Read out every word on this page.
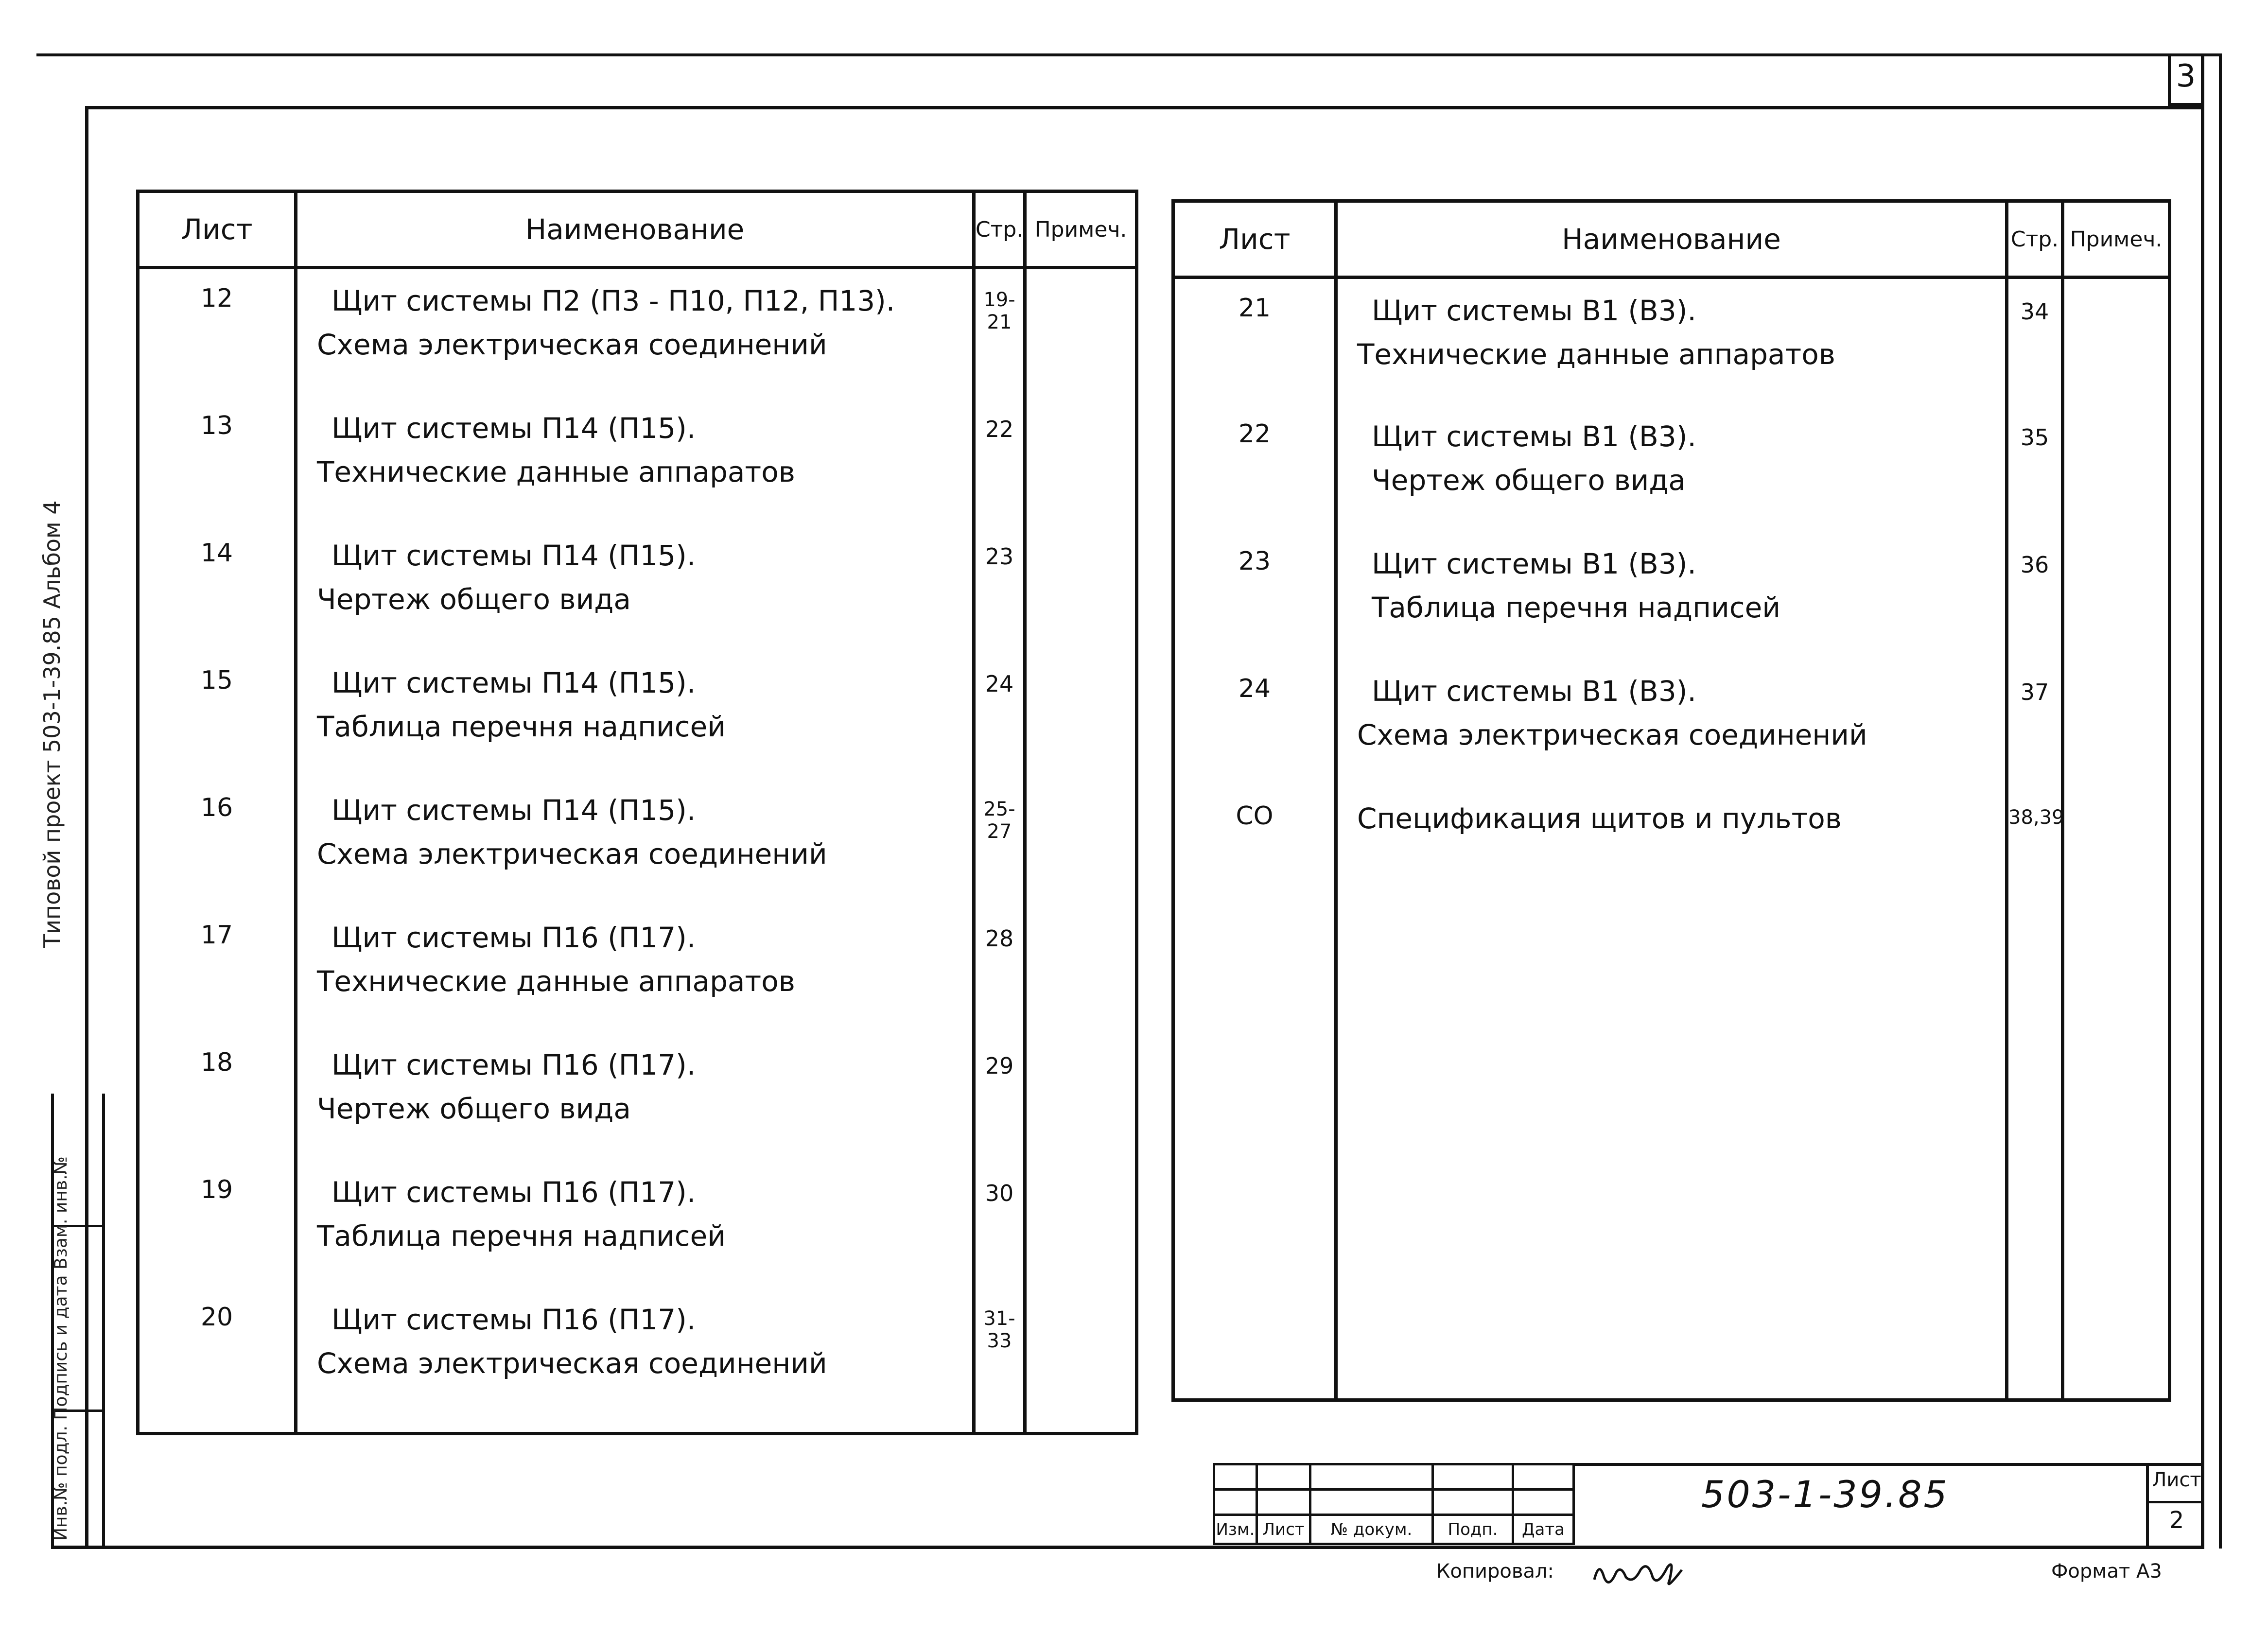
3
Типовой проект 503-1-39.85 Альбом 4
Инв.№ подл. Подпись и дата Взам. инв.№
Лист	Наименование	Стр.	Примеч.
12	Щит системы П2 (П3 - П10, П12, П13).
Схема электрическая соединений	19-21	
13	Щит системы П14 (П15).
Технические данные аппаратов	22	
14	Щит системы П14 (П15).
Чертеж общего вида	23	
15	Щит системы П14 (П15).
Таблица перечня надписей	24	
16	Щит системы П14 (П15).
Схема электрическая соединений	25-27	
17	Щит системы П16 (П17).
Технические данные аппаратов	28	
18	Щит системы П16 (П17).
Чертеж общего вида	29	
19	Щит системы П16 (П17).
Таблица перечня надписей	30	
20	Щит системы П16 (П17).
Схема электрическая соединений	31-33	
Лист	Наименование	Стр.	Примеч.
21	Щит системы В1 (В3).
Технические данные аппаратов	34	
22	Щит системы В1 (В3).
Чертеж общего вида	35	
23	Щит системы В1 (В3).
Таблица перечня надписей	36	
24	Щит системы В1 (В3).
Схема электрическая соединений	37	
СО	Спецификация щитов и пультов	38,39	

Изм.	Лист	№ докум.	Подп.	Дата
503-1-39.85	Лист
2
Копировал:	Формат А3
